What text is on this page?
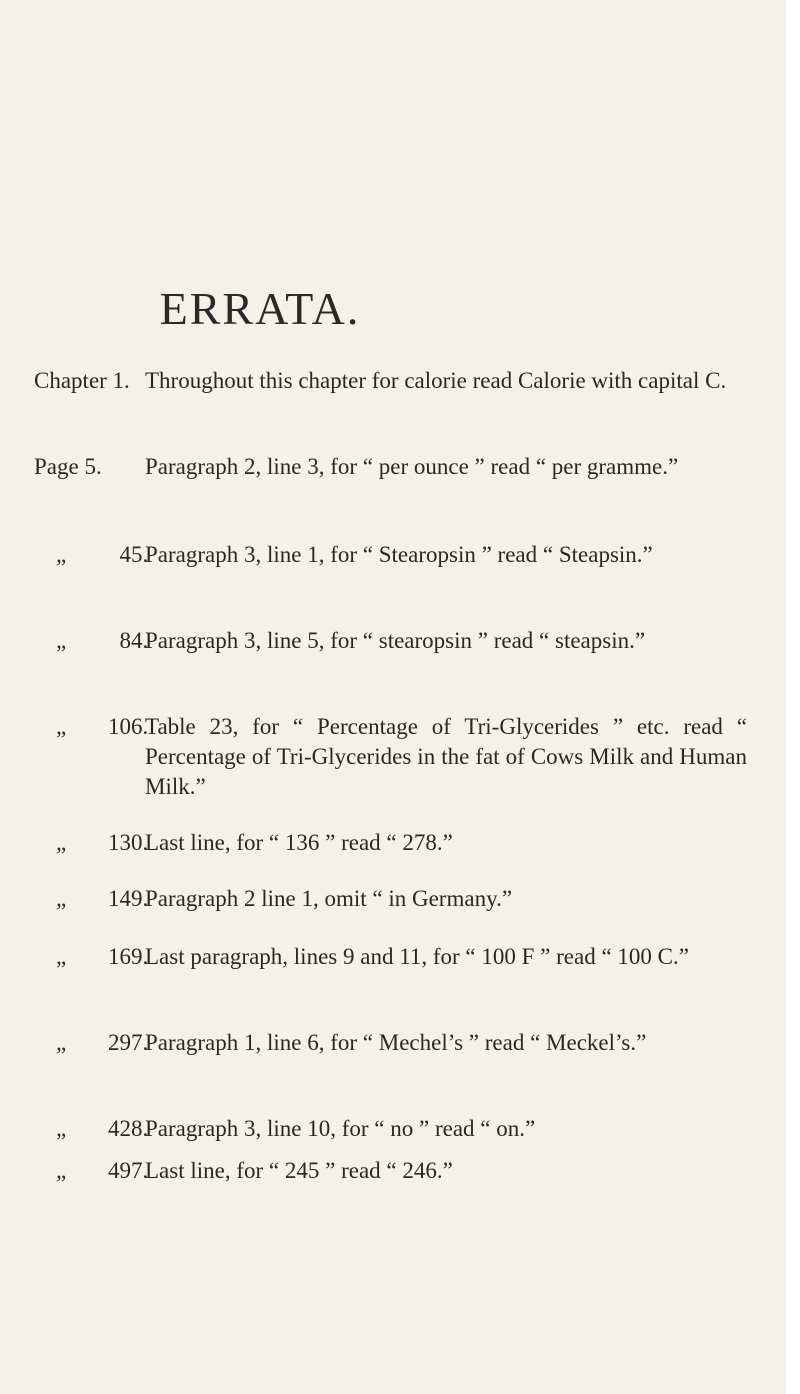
ERRATA.
Chapter 1. Throughout this chapter for calorie read Calorie with capital C.
Page 5.	Paragraph 2, line 3, for “ per ounce ” read “ per gramme.”
„ 45.
Paragraph 3, line 1, for “ Stearopsin ” read “ Steapsin.”
„ 84.
Paragraph 3, line 5, for “ stearopsin ” read “ steapsin.”
„ 106.
Table 23, for “ Percentage of Tri-Glycerides ” etc. read “ Percentage of Tri-Glycerides in the fat of Cows Milk and Human Milk.”
„ 130.
Last line, for “ 136 ” read “ 278.”
„ 149.
Paragraph 2 line 1, omit “ in Germany.”
„ 169.
Last paragraph, lines 9 and 11, for “ 100 F ” read “ 100 C.”
„ 297.
Paragraph 1, line 6, for “ Mechel’s ” read “ Meckel’s.”
„ 428.
Paragraph 3, line 10, for “ no ” read “ on.”
„ 497.
Last line, for “ 245 ” read “ 246.”
